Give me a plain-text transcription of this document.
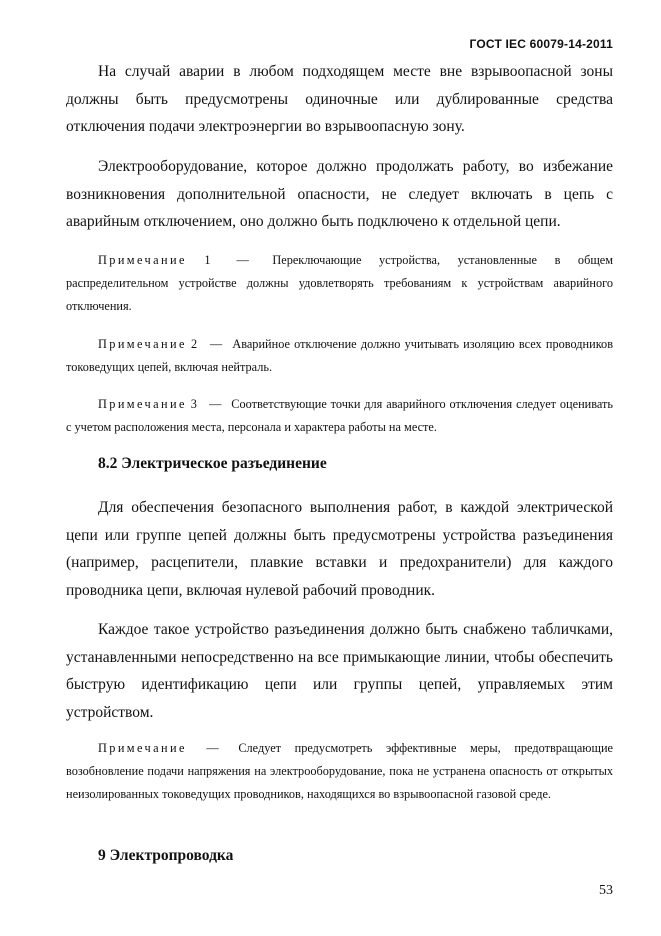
ГОСТ IEC 60079-14-2011

На случай аварии в любом подходящем месте вне взрывоопасной зоны должны быть предусмотрены одиночные или дублированные средства отключения подачи электроэнергии во взрывоопасную зону.

Электрооборудование, которое должно продолжать работу, во избежание возникновения дополнительной опасности, не следует включать в цепь с аварийным отключением, оно должно быть подключено к отдельной цепи.

Примечание 1 — Переключающие устройства, установленные в общем распределительном устройстве должны удовлетворять требованиям к устройствам аварийного отключения.

Примечание 2 — Аварийное отключение должно учитывать изоляцию всех проводников токоведущих цепей, включая нейтраль.

Примечание 3 — Соответствующие точки для аварийного отключения следует оценивать с учетом расположения места, персонала и характера работы на месте.

8.2 Электрическое разъединение

Для обеспечения безопасного выполнения работ, в каждой электрической цепи или группе цепей должны быть предусмотрены устройства разъединения (например, расцепители, плавкие вставки и предохранители) для каждого проводника цепи, включая нулевой рабочий проводник.

Каждое такое устройство разъединения должно быть снабжено табличками, устанавленными непосредственно на все примыкающие линии, чтобы обеспечить быструю идентификацию цепи или группы цепей, управляемых этим устройством.

Примечание — Следует предусмотреть эффективные меры, предотвращающие возобновление подачи напряжения на электрооборудование, пока не устранена опасность от открытых неизолированных токоведущих проводников, находящихся во взрывоопасной газовой среде.

9 Электропроводка
53
